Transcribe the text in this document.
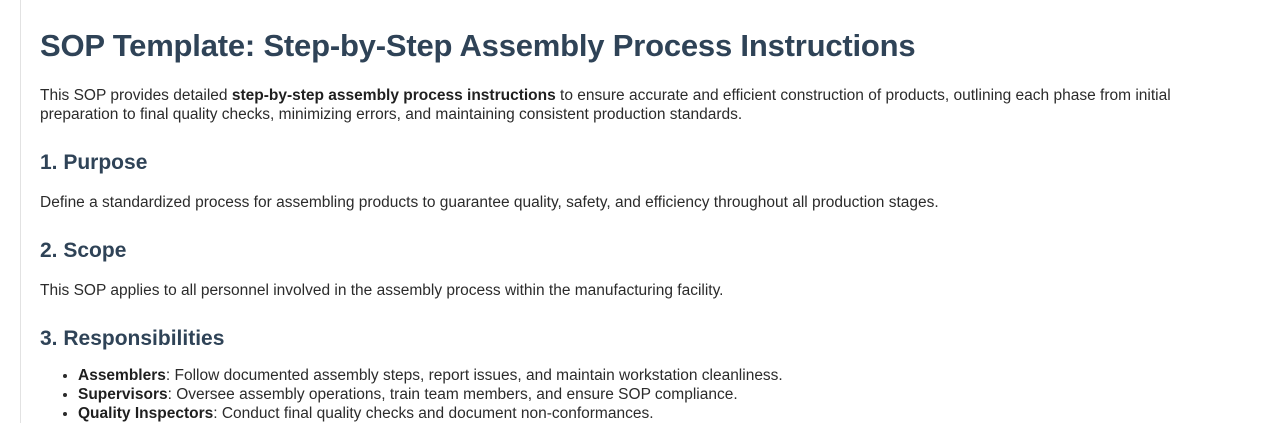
SOP Template: Step-by-Step Assembly Process Instructions

This SOP provides detailed step-by-step assembly process instructions to ensure accurate and efficient construction of products, outlining each phase from initial preparation to final quality checks, minimizing errors, and maintaining consistent production standards.

1. Purpose

Define a standardized process for assembling products to guarantee quality, safety, and efficiency throughout all production stages.

2. Scope

This SOP applies to all personnel involved in the assembly process within the manufacturing facility.

3. Responsibilities
• Assemblers: Follow documented assembly steps, report issues, and maintain workstation cleanliness.
• Supervisors: Oversee assembly operations, train team members, and ensure SOP compliance.
• Quality Inspectors: Conduct final quality checks and document non-conformances.
